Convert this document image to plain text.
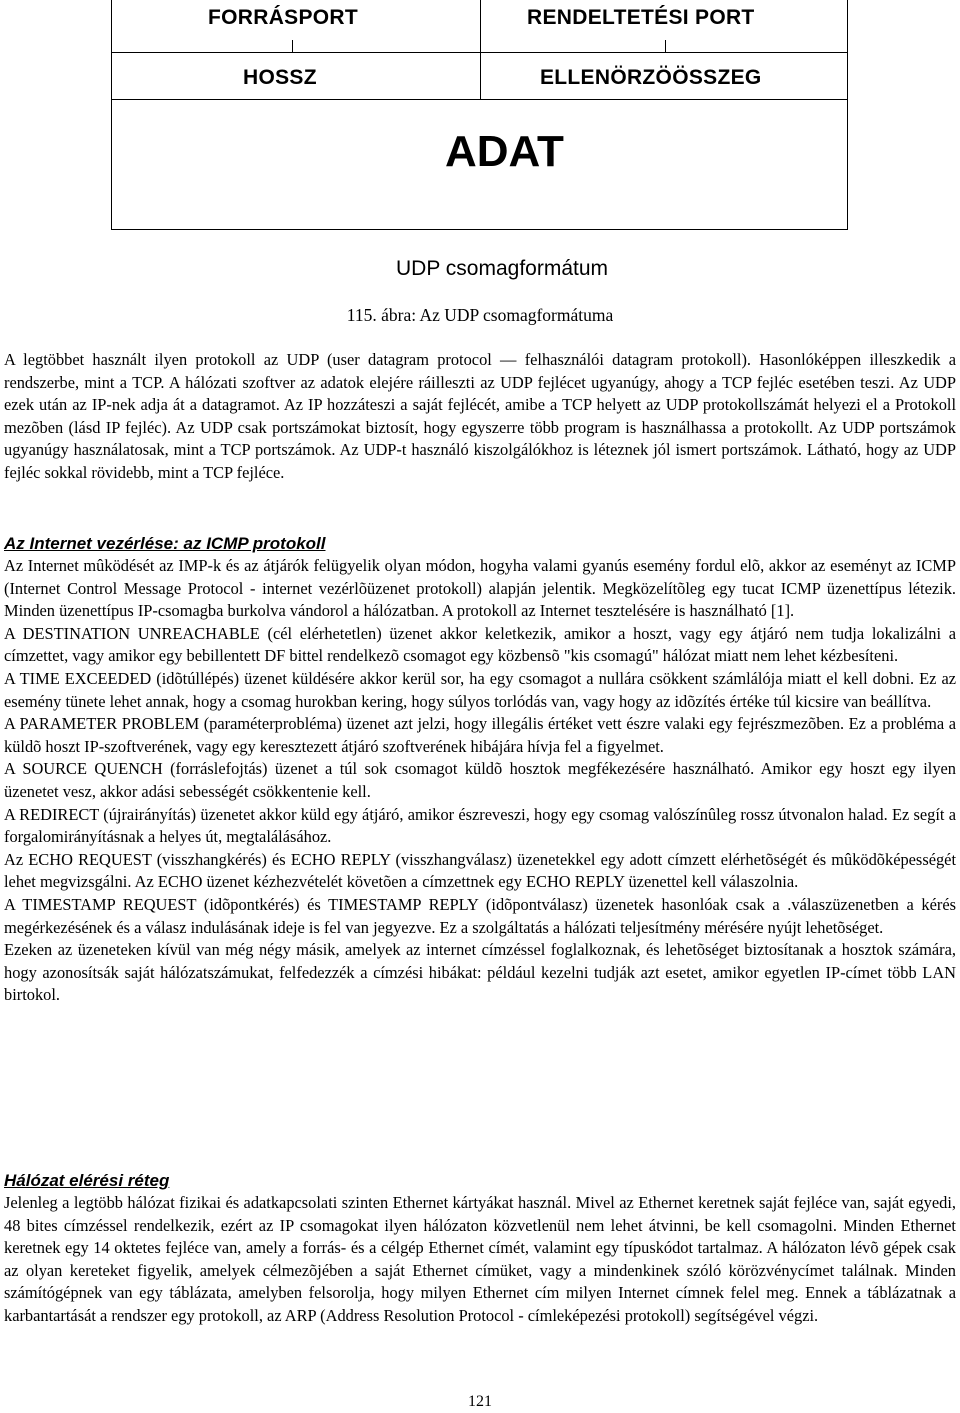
FORRÁSPORT	RENDELTETÉSI PORT
HOSSZ	ELLENÖRZÖÖSSZEG
ADAT
UDP csomagformátum
115. ábra: Az UDP csomagformátuma

A legtöbbet használt ilyen protokoll az UDP (user datagram protocol — felhasználói datagram protokoll). Hasonlóképpen illeszkedik a rendszerbe, mint a TCP. A hálózati szoftver az adatok elejére ráilleszti az UDP fejlécet ugyanúgy, ahogy a TCP fejléc esetében teszi. Az UDP ezek után az IP-nek adja át a datagramot. Az IP hozzáteszi a saját fejlécét, amibe a TCP helyett az UDP protokollszámát helyezi el a Protokoll mezõben (lásd IP fejléc). Az UDP csak portszámokat biztosít, hogy egyszerre több program is használhassa a protokollt. Az UDP portszámok ugyanúgy használatosak, mint a TCP portszámok. Az UDP-t használó kiszolgálókhoz is léteznek jól ismert portszámok. Látható, hogy az UDP fejléc sokkal rövidebb, mint a TCP fejléce.

Az Internet vezérlése: az ICMP protokoll

Az Internet mûködését az IMP-k és az átjárók felügyelik olyan módon, hogyha valami gyanús esemény fordul elõ, akkor az eseményt az ICMP (Internet Control Message Protocol - internet vezérlõüzenet protokoll) alapján jelentik. Megközelítõleg egy tucat ICMP üzenettípus létezik. Minden üzenettípus IP-csomagba burkolva vándorol a hálózatban. A protokoll az Internet tesztelésére is használható [1].

A DESTINATION UNREACHABLE (cél elérhetetlen) üzenet akkor keletkezik, amikor a hoszt, vagy egy átjáró nem tudja lokalizálni a címzettet, vagy amikor egy bebillentett DF bittel rendelkezõ csomagot egy közbensõ "kis csomagú" hálózat miatt nem lehet kézbesíteni.

A TIME EXCEEDED (idõtúllépés) üzenet küldésére akkor kerül sor, ha egy csomagot a nullára csökkent számlálója miatt el kell dobni. Ez az esemény tünete lehet annak, hogy a csomag hurokban kering, hogy súlyos torlódás van, vagy hogy az idõzítés értéke túl kicsire van beállítva.

A PARAMETER PROBLEM (paraméterprobléma) üzenet azt jelzi, hogy illegális értéket vett észre valaki egy fejrészmezõben. Ez a probléma a küldõ hoszt IP-szoftverének, vagy egy keresztezett átjáró szoftverének hibájára hívja fel a figyelmet.

A SOURCE QUENCH (forráslefojtás) üzenet a túl sok csomagot küldõ hosztok megfékezésére használható. Amikor egy hoszt egy ilyen üzenetet vesz, akkor adási sebességét csökkentenie kell.

A REDIRECT (újrairányítás) üzenetet akkor küld egy átjáró, amikor észreveszi, hogy egy csomag valószínûleg rossz útvonalon halad. Ez segít a forgalomirányításnak a helyes út, megtalálásához.

Az ECHO REQUEST (visszhangkérés) és ECHO REPLY (visszhangválasz) üzenetekkel egy adott címzett elérhetõségét és mûködõképességét lehet megvizsgálni. Az ECHO üzenet kézhezvételét követõen a címzettnek egy ECHO REPLY üzenettel kell válaszolnia.

A TIMESTAMP REQUEST (idõpontkérés) és TIMESTAMP REPLY (idõpontválasz) üzenetek hasonlóak csak a .válaszüzenetben a kérés megérkezésének és a válasz indulásának ideje is fel van jegyezve. Ez a szolgáltatás a hálózati teljesítmény mérésére nyújt lehetõséget.

Ezeken az üzeneteken kívül van még négy másik, amelyek az internet címzéssel foglalkoznak, és lehetõséget biztosítanak a hosztok számára, hogy azonosítsák saját hálózatszámukat, felfedezzék a címzési hibákat: például kezelni tudják azt esetet, amikor egyetlen IP-címet több LAN birtokol.

Hálózat elérési réteg

Jelenleg a legtöbb hálózat fizikai és adatkapcsolati szinten Ethernet kártyákat használ. Mivel az Ethernet keretnek saját fejléce van, saját egyedi, 48 bites címzéssel rendelkezik, ezért az IP csomagokat ilyen hálózaton közvetlenül nem lehet átvinni, be kell csomagolni. Minden Ethernet keretnek egy 14 oktetes fejléce van, amely a forrás- és a célgép Ethernet címét, valamint egy típuskódot tartalmaz. A hálózaton lévõ gépek csak az olyan kereteket figyelik, amelyek célmezõjében a saját Ethernet címüket, vagy a mindenkinek szóló körözvénycímet találnak. Minden számítógépnek van egy táblázata, amelyben felsorolja, hogy milyen Ethernet cím milyen Internet címnek felel meg. Ennek a táblázatnak a karbantartását a rendszer egy protokoll, az ARP (Address Resolution Protocol - címleképezési protokoll) segítségével végzi.

121
